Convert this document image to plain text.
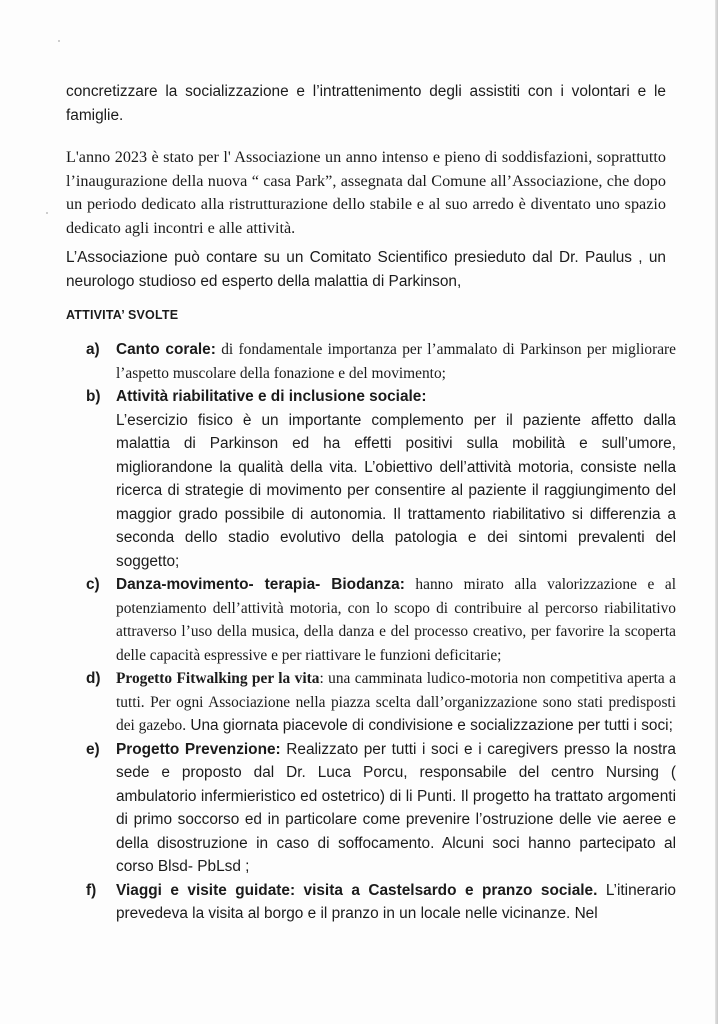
concretizzare la socializzazione e l’intrattenimento degli assistiti con i volontari e le famiglie.

L'anno 2023 è stato per l' Associazione un anno intenso e pieno di soddisfazioni, soprattutto l’inaugurazione della nuova “ casa Park”, assegnata dal Comune all’Associazione, che dopo un periodo dedicato alla ristrutturazione dello stabile e al suo arredo è diventato uno spazio dedicato agli incontri e alle attività.

L’Associazione può contare su un Comitato Scientifico presieduto dal Dr. Paulus , un neurologo studioso ed esperto della malattia di Parkinson,

ATTIVITA’ SVOLTE
a) Canto corale: di fondamentale importanza per l’ammalato di Parkinson per migliorare l’aspetto muscolare della fonazione e del movimento;
b) Attività riabilitative e di inclusione sociale:
L’esercizio fisico è un importante complemento per il paziente affetto dalla malattia di Parkinson ed ha effetti positivi sulla mobilità e sull’umore, migliorandone la qualità della vita. L’obiettivo dell’attività motoria, consiste nella ricerca di strategie di movimento per consentire al paziente il raggiungimento del maggior grado possibile di autonomia. Il trattamento riabilitativo si differenzia a seconda dello stadio evolutivo della patologia e dei sintomi prevalenti del soggetto;
c) Danza-movimento- terapia- Biodanza: hanno mirato alla valorizzazione e al potenziamento dell’attività motoria, con lo scopo di contribuire al percorso riabilitativo attraverso l’uso della musica, della danza e del processo creativo, per favorire la scoperta delle capacità espressive e per riattivare le funzioni deficitarie;
d) Progetto Fitwalking per la vita: una camminata ludico-motoria non competitiva aperta a tutti. Per ogni Associazione nella piazza scelta dall’organizzazione sono stati predisposti dei gazebo. Una giornata piacevole di condivisione e socializzazione per tutti i soci;
e) Progetto Prevenzione: Realizzato per tutti i soci e i caregivers presso la nostra sede e proposto dal Dr. Luca Porcu, responsabile del centro Nursing ( ambulatorio infermieristico ed ostetrico) di li Punti. Il progetto ha trattato argomenti di primo soccorso ed in particolare come prevenire l’ostruzione delle vie aeree e della disostruzione in caso di soffocamento. Alcuni soci hanno partecipato al corso Blsd- PbLsd ;
f) Viaggi e visite guidate: visita a Castelsardo e pranzo sociale. L’itinerario prevedeva la visita al borgo e il pranzo in un locale nelle vicinanze. Nel
